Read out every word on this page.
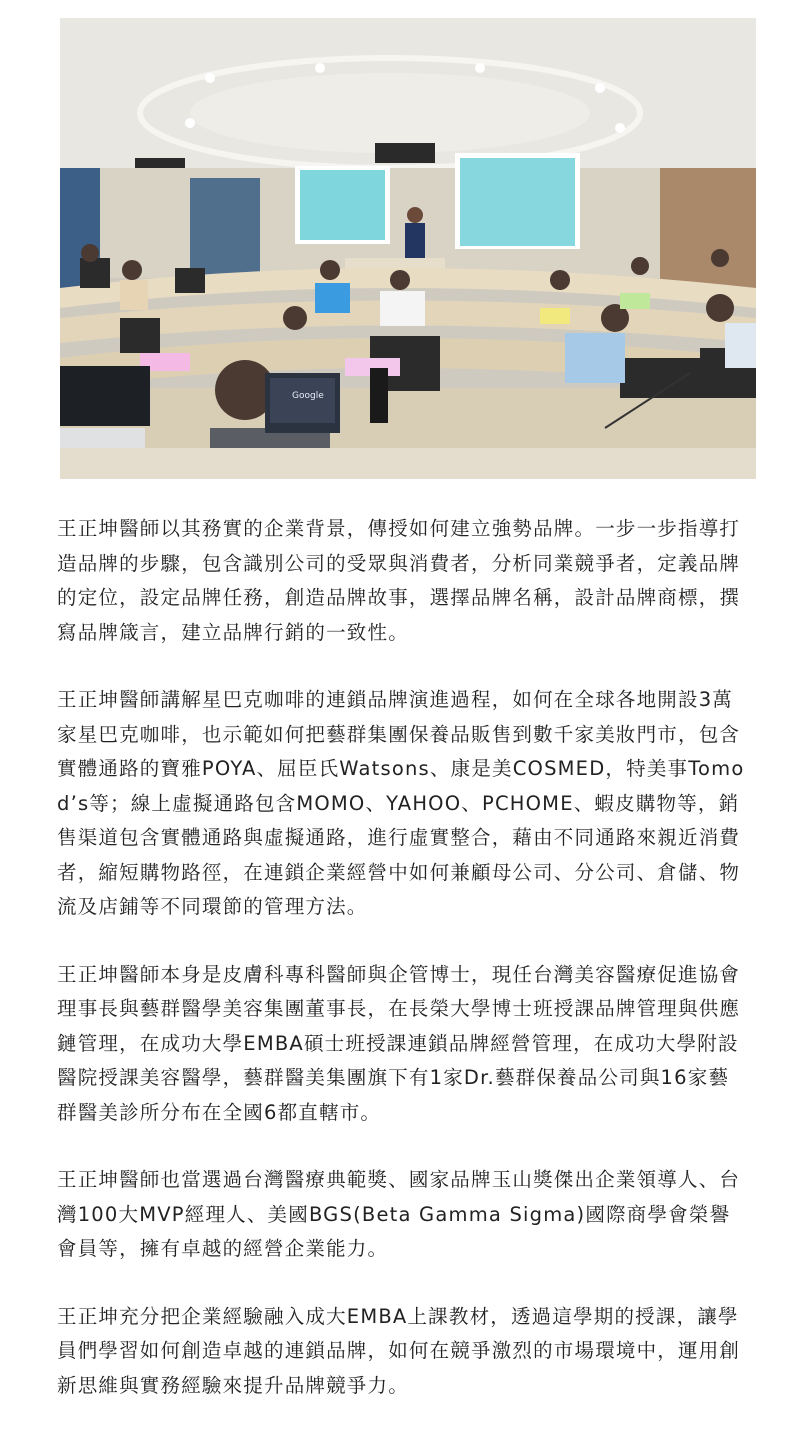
Google

王正坤醫師以其務實的企業背景，傳授如何建立強勢品牌。一步一步指導打造品牌的步驟，包含識別公司的受眾與消費者，分析同業競爭者，定義品牌的定位，設定品牌任務，創造品牌故事，選擇品牌名稱，設計品牌商標，撰寫品牌箴言，建立品牌行銷的一致性。

王正坤醫師講解星巴克咖啡的連鎖品牌演進過程，如何在全球各地開設3萬家星巴克咖啡，也示範如何把藝群集團保養品販售到數千家美妝門市，包含實體通路的寶雅POYA、屈臣氏Watsons、康是美COSMED，特美事Tomod’s等；線上虛擬通路包含MOMO、YAHOO、PCHOME、蝦皮購物等，銷售渠道包含實體通路與虛擬通路，進行虛實整合，藉由不同通路來親近消費者，縮短購物路徑，在連鎖企業經營中如何兼顧母公司、分公司、倉儲、物流及店鋪等不同環節的管理方法。

王正坤醫師本身是皮膚科專科醫師與企管博士，現任台灣美容醫療促進協會理事長與藝群醫學美容集團董事長，在長榮大學博士班授課品牌管理與供應鏈管理，在成功大學EMBA碩士班授課連鎖品牌經營管理，在成功大學附設醫院授課美容醫學，藝群醫美集團旗下有1家Dr.藝群保養品公司與16家藝群醫美診所分布在全國6都直轄市。

王正坤醫師也當選過台灣醫療典範獎、國家品牌玉山獎傑出企業領導人、台灣100大MVP經理人、美國BGS(Beta Gamma Sigma)國際商學會榮譽會員等，擁有卓越的經營企業能力。

王正坤充分把企業經驗融入成大EMBA上課教材，透過這學期的授課，讓學員們學習如何創造卓越的連鎖品牌，如何在競爭激烈的市場環境中，運用創新思維與實務經驗來提升品牌競爭力。
